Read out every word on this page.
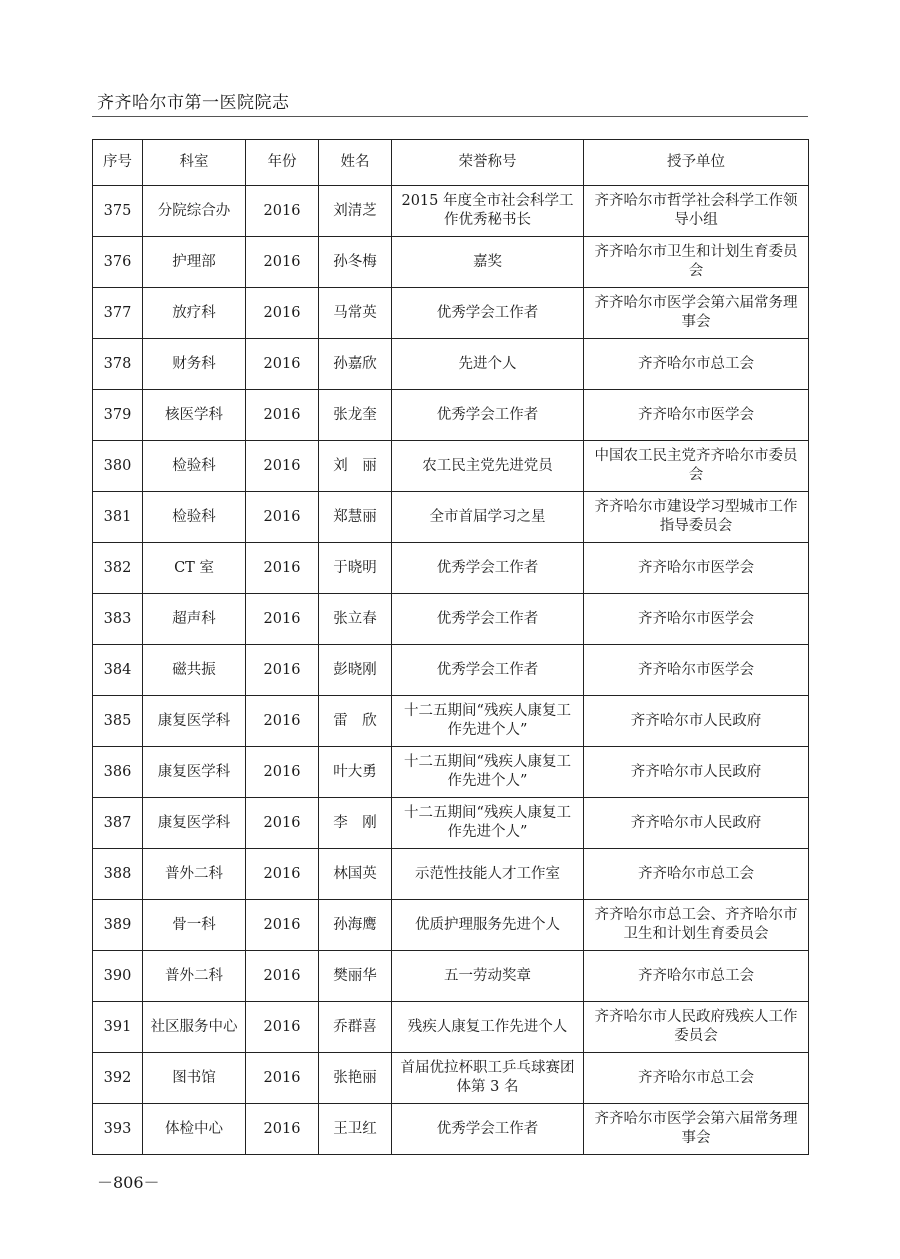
齐齐哈尔市第一医院院志
序号	科室	年份	姓名	荣誉称号	授予单位
375	分院综合办	2016	刘清芝	2015 年度全市社会科学工作优秀秘书长	齐齐哈尔市哲学社会科学工作领导小组
376	护理部	2016	孙冬梅	嘉奖	齐齐哈尔市卫生和计划生育委员会
377	放疗科	2016	马常英	优秀学会工作者	齐齐哈尔市医学会第六届常务理事会
378	财务科	2016	孙嘉欣	先进个人	齐齐哈尔市总工会
379	核医学科	2016	张龙奎	优秀学会工作者	齐齐哈尔市医学会
380	检验科	2016	刘　丽	农工民主党先进党员	中国农工民主党齐齐哈尔市委员会
381	检验科	2016	郑慧丽	全市首届学习之星	齐齐哈尔市建设学习型城市工作指导委员会
382	CT 室	2016	于晓明	优秀学会工作者	齐齐哈尔市医学会
383	超声科	2016	张立春	优秀学会工作者	齐齐哈尔市医学会
384	磁共振	2016	彭晓刚	优秀学会工作者	齐齐哈尔市医学会
385	康复医学科	2016	雷　欣	十二五期间“残疾人康复工作先进个人”	齐齐哈尔市人民政府
386	康复医学科	2016	叶大勇	十二五期间“残疾人康复工作先进个人”	齐齐哈尔市人民政府
387	康复医学科	2016	李　刚	十二五期间“残疾人康复工作先进个人”	齐齐哈尔市人民政府
388	普外二科	2016	林国英	示范性技能人才工作室	齐齐哈尔市总工会
389	骨一科	2016	孙海鹰	优质护理服务先进个人	齐齐哈尔市总工会、齐齐哈尔市卫生和计划生育委员会
390	普外二科	2016	樊丽华	五一劳动奖章	齐齐哈尔市总工会
391	社区服务中心	2016	乔群喜	残疾人康复工作先进个人	齐齐哈尔市人民政府残疾人工作委员会
392	图书馆	2016	张艳丽	首届优拉杯职工乒乓球赛团体第 3 名	齐齐哈尔市总工会
393	体检中心	2016	王卫红	优秀学会工作者	齐齐哈尔市医学会第六届常务理事会
－806－
